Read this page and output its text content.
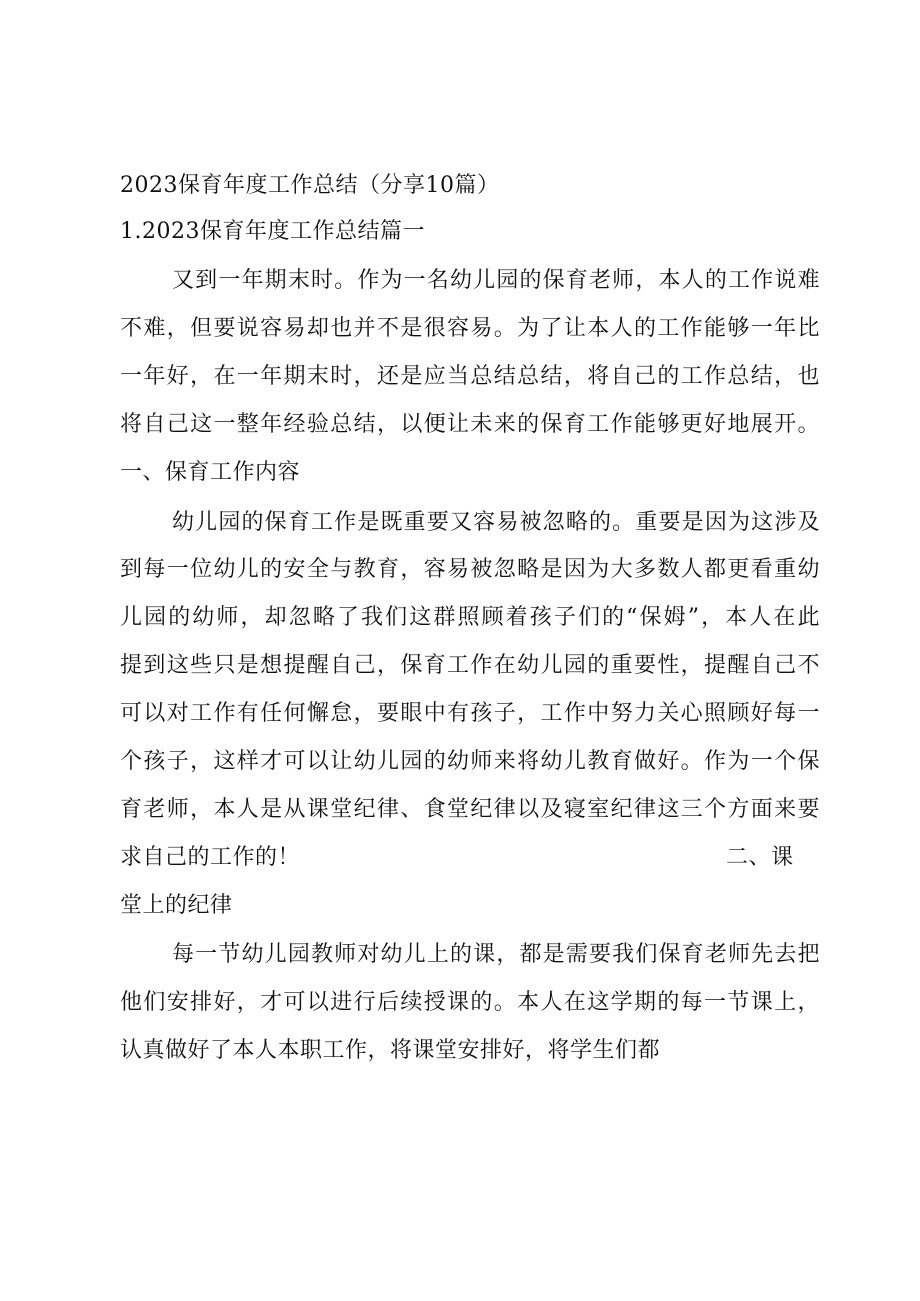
2023保育年度工作总结（分享10篇）
1.2023保育年度工作总结篇一
又到一年期末时。作为一名幼儿园的保育老师，本人的工作说难
不难，但要说容易却也并不是很容易。为了让本人的工作能够一年比
一年好，在一年期末时，还是应当总结总结，将自己的工作总结，也
将自己这一整年经验总结，以便让未来的保育工作能够更好地展开。
一、保育工作内容
幼儿园的保育工作是既重要又容易被忽略的。重要是因为这涉及
到每一位幼儿的安全与教育，容易被忽略是因为大多数人都更看重幼
儿园的幼师，却忽略了我们这群照顾着孩子们的“保姆”，本人在此
提到这些只是想提醒自己，保育工作在幼儿园的重要性，提醒自己不
可以对工作有任何懈怠，要眼中有孩子，工作中努力关心照顾好每一
个孩子，这样才可以让幼儿园的幼师来将幼儿教育做好。作为一个保
育老师，本人是从课堂纪律、食堂纪律以及寝室纪律这三个方面来要
求自己的工作的！	二、课
堂上的纪律
每一节幼儿园教师对幼儿上的课，都是需要我们保育老师先去把
他们安排好，才可以进行后续授课的。本人在这学期的每一节课上，
认真做好了本人本职工作，将课堂安排好，将学生们都
